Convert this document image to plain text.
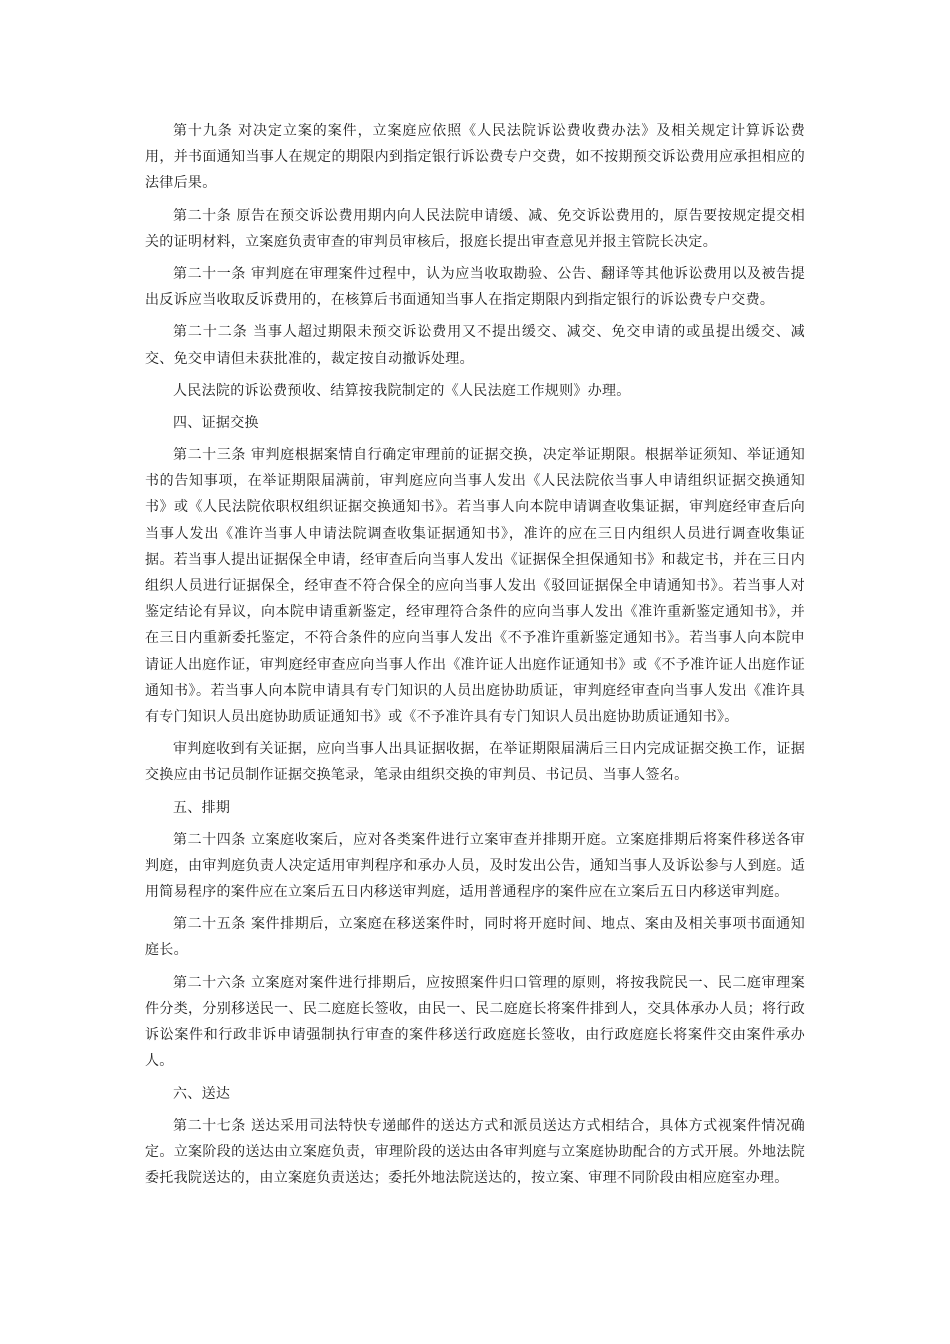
第十九条 对决定立案的案件，立案庭应依照《人民法院诉讼费收费办法》及相关规定计算诉讼费用，并书面通知当事人在规定的期限内到指定银行诉讼费专户交费，如不按期预交诉讼费用应承担相应的法律后果。

第二十条 原告在预交诉讼费用期内向人民法院申请缓、减、免交诉讼费用的，原告要按规定提交相关的证明材料，立案庭负责审查的审判员审核后，报庭长提出审查意见并报主管院长决定。

第二十一条 审判庭在审理案件过程中，认为应当收取勘验、公告、翻译等其他诉讼费用以及被告提出反诉应当收取反诉费用的，在核算后书面通知当事人在指定期限内到指定银行的诉讼费专户交费。

第二十二条 当事人超过期限未预交诉讼费用又不提出缓交、减交、免交申请的或虽提出缓交、减交、免交申请但未获批准的，裁定按自动撤诉处理。

人民法院的诉讼费预收、结算按我院制定的《人民法庭工作规则》办理。

四、证据交换

第二十三条 审判庭根据案情自行确定审理前的证据交换，决定举证期限。根据举证须知、举证通知书的告知事项，在举证期限届满前，审判庭应向当事人发出《人民法院依当事人申请组织证据交换通知书》或《人民法院依职权组织证据交换通知书》。若当事人向本院申请调查收集证据，审判庭经审查后向当事人发出《准许当事人申请法院调查收集证据通知书》，准许的应在三日内组织人员进行调查收集证据。若当事人提出证据保全申请，经审查后向当事人发出《证据保全担保通知书》和裁定书，并在三日内组织人员进行证据保全，经审查不符合保全的应向当事人发出《驳回证据保全申请通知书》。若当事人对鉴定结论有异议，向本院申请重新鉴定，经审理符合条件的应向当事人发出《准许重新鉴定通知书》，并在三日内重新委托鉴定，不符合条件的应向当事人发出《不予准许重新鉴定通知书》。若当事人向本院申请证人出庭作证，审判庭经审查应向当事人作出《准许证人出庭作证通知书》或《不予准许证人出庭作证通知书》。若当事人向本院申请具有专门知识的人员出庭协助质证，审判庭经审查向当事人发出《准许具有专门知识人员出庭协助质证通知书》或《不予准许具有专门知识人员出庭协助质证通知书》。

审判庭收到有关证据，应向当事人出具证据收据，在举证期限届满后三日内完成证据交换工作，证据交换应由书记员制作证据交换笔录，笔录由组织交换的审判员、书记员、当事人签名。

五、排期

第二十四条 立案庭收案后，应对各类案件进行立案审查并排期开庭。立案庭排期后将案件移送各审判庭，由审判庭负责人决定适用审判程序和承办人员，及时发出公告，通知当事人及诉讼参与人到庭。适用简易程序的案件应在立案后五日内移送审判庭，适用普通程序的案件应在立案后五日内移送审判庭。

第二十五条 案件排期后，立案庭在移送案件时，同时将开庭时间、地点、案由及相关事项书面通知庭长。

第二十六条 立案庭对案件进行排期后，应按照案件归口管理的原则，将按我院民一、民二庭审理案件分类，分别移送民一、民二庭庭长签收，由民一、民二庭庭长将案件排到人，交具体承办人员；将行政诉讼案件和行政非诉申请强制执行审查的案件移送行政庭庭长签收，由行政庭庭长将案件交由案件承办人。

六、送达

第二十七条 送达采用司法特快专递邮件的送达方式和派员送达方式相结合，具体方式视案件情况确定。立案阶段的送达由立案庭负责，审理阶段的送达由各审判庭与立案庭协助配合的方式开展。外地法院委托我院送达的，由立案庭负责送达；委托外地法院送达的，按立案、审理不同阶段由相应庭室办理。
